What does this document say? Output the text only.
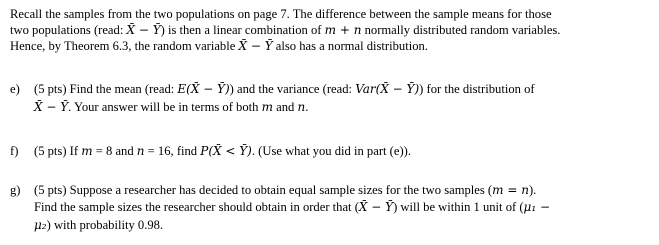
Recall the samples from the two populations on page 7. The difference between the sample means for those
two populations (read: X̄ − Ȳ) is then a linear combination of m + n normally distributed random variables.
Hence, by Theorem 6.3, the random variable X̄ − Ȳ also has a normal distribution.
e) (5 pts) Find the mean (read: E(X̄ − Ȳ)) and the variance (read: Var(X̄ − Ȳ)) for the distribution of
X̄ − Ȳ. Your answer will be in terms of both m and n.
f) (5 pts) If m = 8 and n = 16, find P(X̄ < Ȳ). (Use what you did in part (e)).
g) (5 pts) Suppose a researcher has decided to obtain equal sample sizes for the two samples (m = n).
Find the sample sizes the researcher should obtain in order that (X̄ − Ȳ) will be within 1 unit of (μ₁ −
μ₂) with probability 0.98.
